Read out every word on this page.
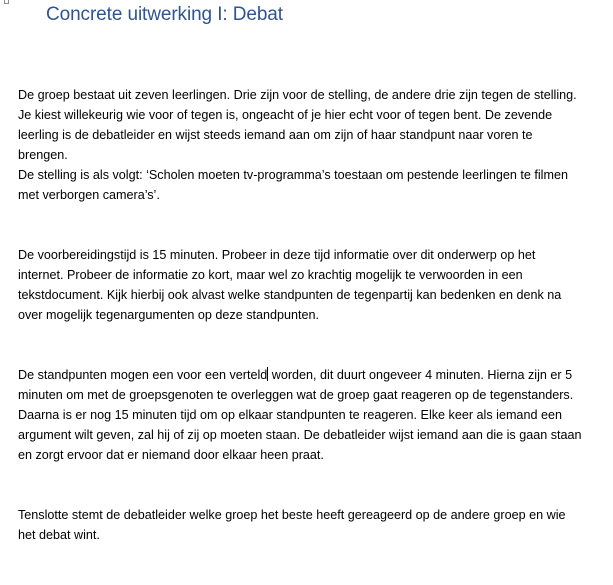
Concrete uitwerking I: Debat

De groep bestaat uit zeven leerlingen. Drie zijn voor de stelling, de andere drie zijn tegen de stelling.
Je kiest willekeurig wie voor of tegen is, ongeacht of je hier echt voor of tegen bent. De zevende
leerling is de debatleider en wijst steeds iemand aan om zijn of haar standpunt naar voren te
brengen.
De stelling is als volgt: ‘Scholen moeten tv-programma’s toestaan om pestende leerlingen te filmen
met verborgen camera’s’.

De voorbereidingstijd is 15 minuten. Probeer in deze tijd informatie over dit onderwerp op het
internet. Probeer de informatie zo kort, maar wel zo krachtig mogelijk te verwoorden in een
tekstdocument. Kijk hierbij ook alvast welke standpunten de tegenpartij kan bedenken en denk na
over mogelijk tegenargumenten op deze standpunten.

De standpunten mogen een voor een verteld worden, dit duurt ongeveer 4 minuten. Hierna zijn er 5
minuten om met de groepsgenoten te overleggen wat de groep gaat reageren op de tegenstanders.
Daarna is er nog 15 minuten tijd om op elkaar standpunten te reageren. Elke keer als iemand een
argument wilt geven, zal hij of zij op moeten staan. De debatleider wijst iemand aan die is gaan staan
en zorgt ervoor dat er niemand door elkaar heen praat.

Tenslotte stemt de debatleider welke groep het beste heeft gereageerd op de andere groep en wie
het debat wint.
